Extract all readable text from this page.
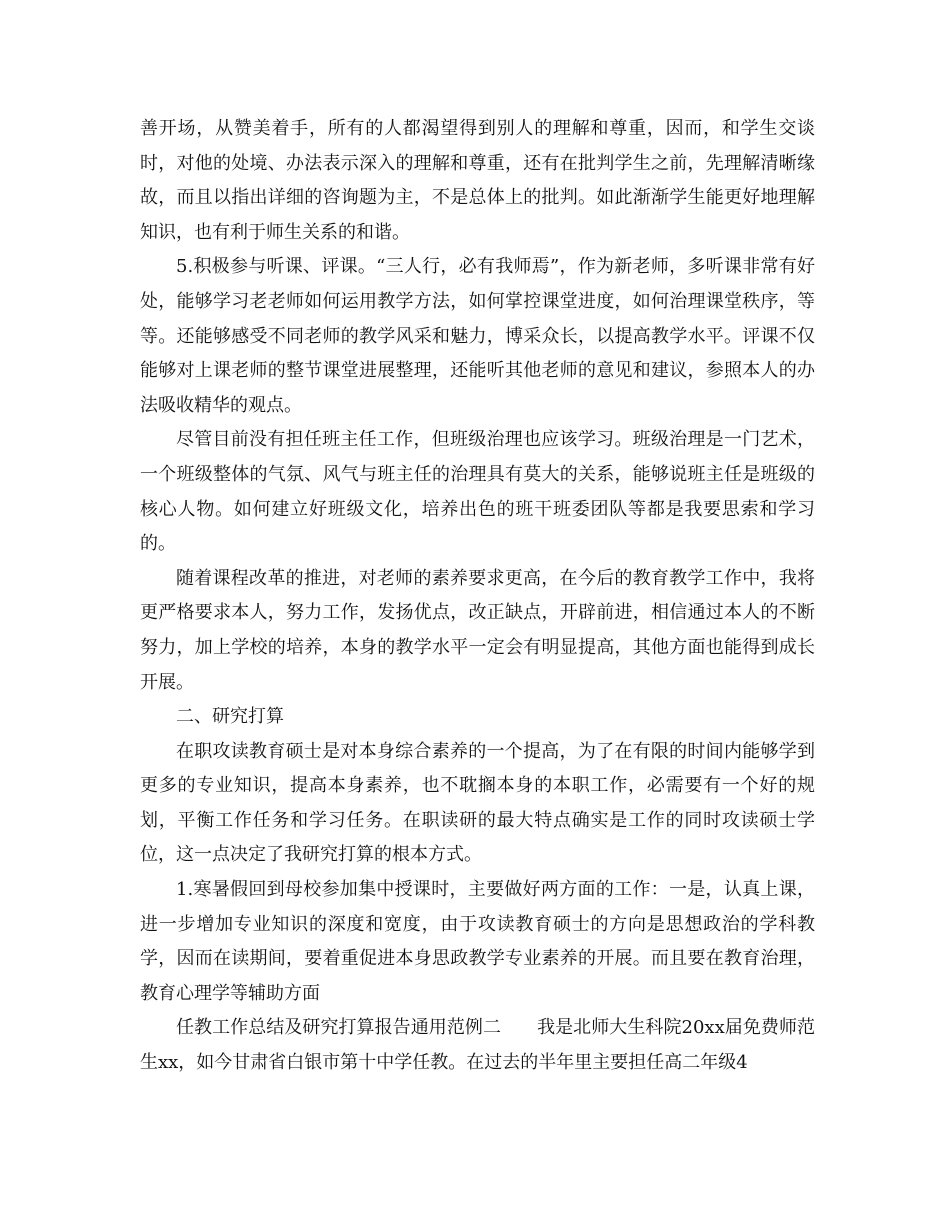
善开场，从赞美着手，所有的人都渴望得到别人的理解和尊重，因而，和学生交谈时，对他的处境、办法表示深入的理解和尊重，还有在批判学生之前，先理解清晰缘故，而且以指出详细的咨询题为主，不是总体上的批判。如此渐渐学生能更好地理解知识，也有利于师生关系的和谐。

5.积极参与听课、评课。“三人行，必有我师焉”，作为新老师，多听课非常有好处，能够学习老老师如何运用教学方法，如何掌控课堂进度，如何治理课堂秩序，等等。还能够感受不同老师的教学风采和魅力，博采众长，以提高教学水平。评课不仅能够对上课老师的整节课堂进展整理，还能听其他老师的意见和建议，参照本人的办法吸收精华的观点。

尽管目前没有担任班主任工作，但班级治理也应该学习。班级治理是一门艺术，一个班级整体的气氛、风气与班主任的治理具有莫大的关系，能够说班主任是班级的核心人物。如何建立好班级文化，培养出色的班干班委团队等都是我要思索和学习的。

随着课程改革的推进，对老师的素养要求更高，在今后的教育教学工作中，我将更严格要求本人，努力工作，发扬优点，改正缺点，开辟前进，相信通过本人的不断努力，加上学校的培养，本身的教学水平一定会有明显提高，其他方面也能得到成长开展。

二、研究打算

在职攻读教育硕士是对本身综合素养的一个提高，为了在有限的时间内能够学到更多的专业知识，提高本身素养，也不耽搁本身的本职工作，必需要有一个好的规划，平衡工作任务和学习任务。在职读研的最大特点确实是工作的同时攻读硕士学位，这一点决定了我研究打算的根本方式。

1.寒暑假回到母校参加集中授课时，主要做好两方面的工作：一是，认真上课，进一步增加专业知识的深度和宽度，由于攻读教育硕士的方向是思想政治的学科教学，因而在读期间，要着重促进本身思政教学专业素养的开展。而且要在教育治理，教育心理学等辅助方面

任教工作总结及研究打算报告通用范例二 我是北师大生科院20xx届免费师范生xx，如今甘肃省白银市第十中学任教。在过去的半年里主要担任高二年级4
